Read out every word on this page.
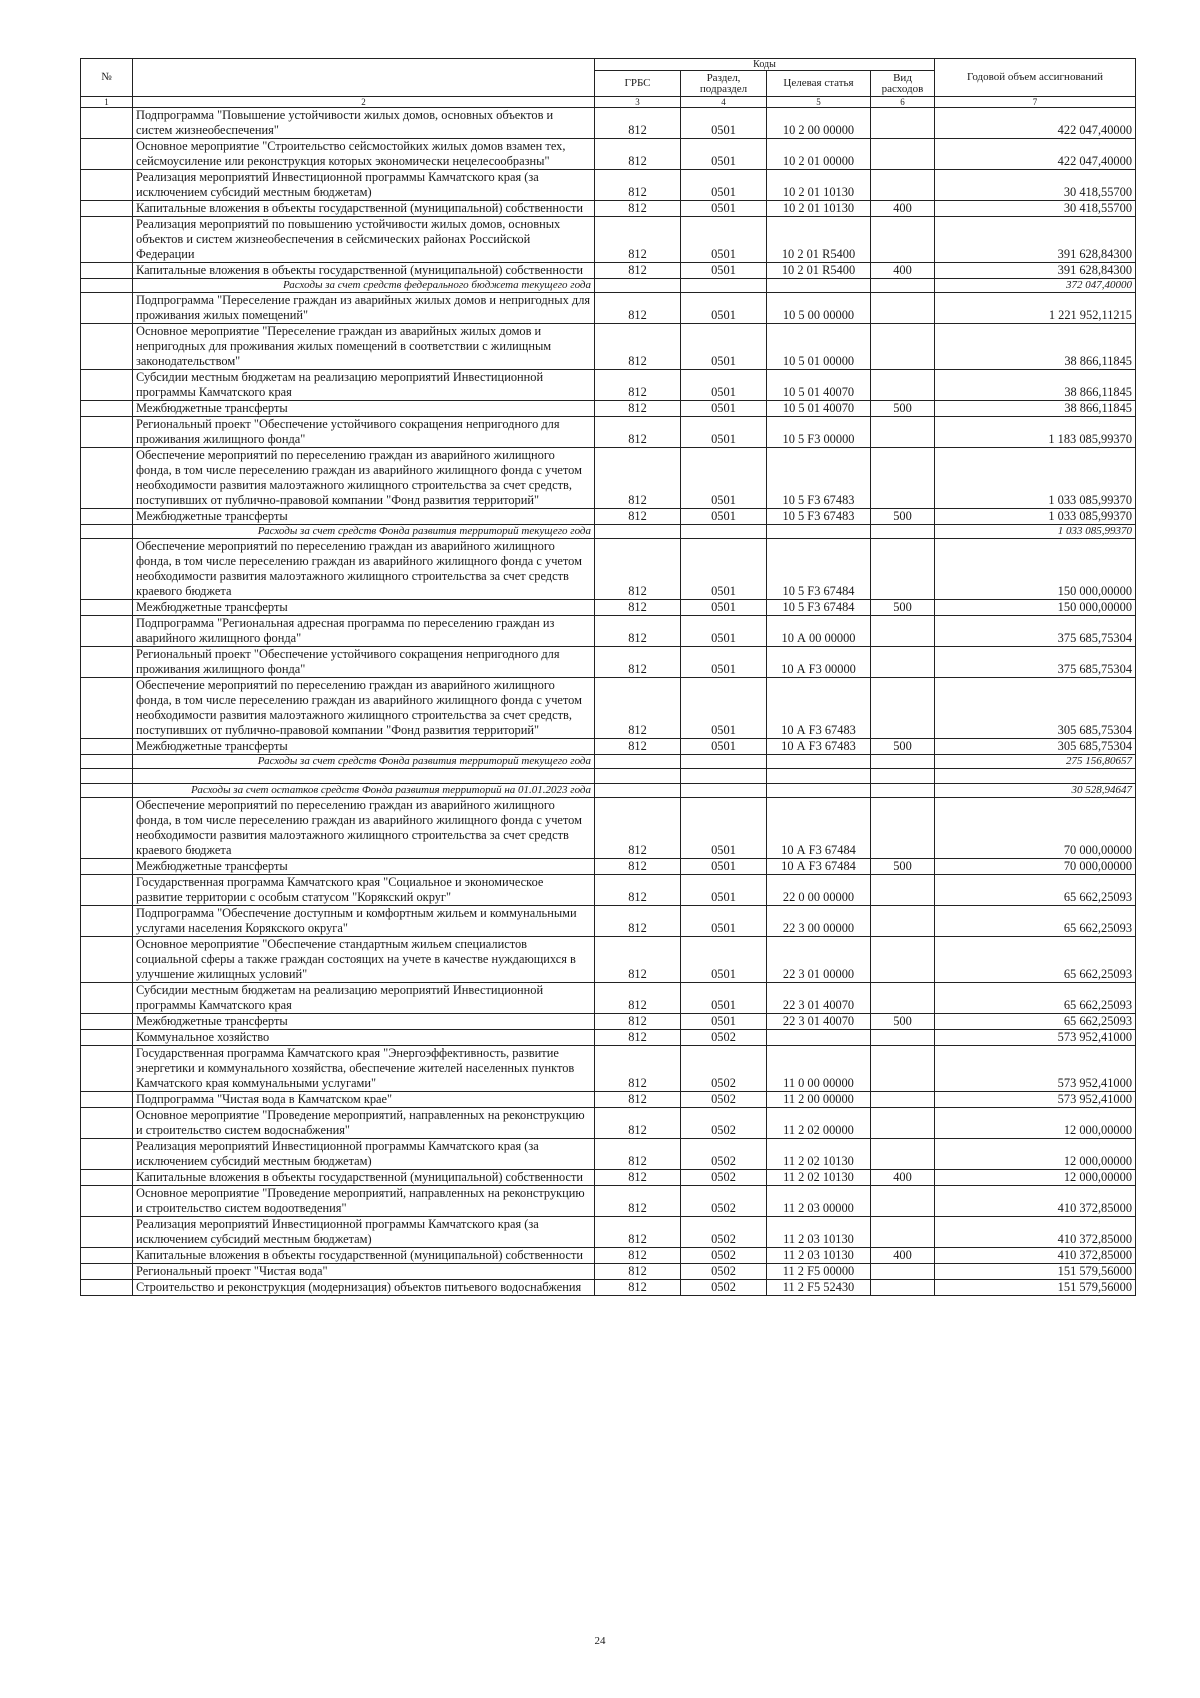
№		Коды				Годовой объем ассигнований
		ГРБС	Раздел, подраздел	Целевая статья	Вид расходов	
1	2	3	4	5	6	7
	Подпрограмма "Повышение устойчивости жилых домов, основных объектов и систем жизнеобеспечения"	812	0501	10 2 00 00000		422 047,40000
	Основное мероприятие "Строительство сейсмостойких жилых домов взамен тех, сейсмоусиление или реконструкция которых экономически нецелесообразны"	812	0501	10 2 01 00000		422 047,40000
	Реализация мероприятий Инвестиционной программы Камчатского края (за исключением субсидий местным бюджетам)	812	0501	10 2 01 10130		30 418,55700
	Капитальные вложения в объекты государственной (муниципальной) собственности	812	0501	10 2 01 10130	400	30 418,55700
	Реализация мероприятий по повышению устойчивости жилых домов, основных объектов и систем жизнеобеспечения в сейсмических районах Российской Федерации	812	0501	10 2 01 R5400		391 628,84300
	Капитальные вложения в объекты государственной (муниципальной) собственности	812	0501	10 2 01 R5400	400	391 628,84300
	Расходы за счет средств федерального бюджета текущего года					372 047,40000
	Подпрограмма "Переселение граждан из аварийных жилых домов и непригодных для проживания жилых помещений"	812	0501	10 5 00 00000		1 221 952,11215
	Основное мероприятие "Переселение граждан из аварийных жилых домов и непригодных для проживания жилых помещений в соответствии с жилищным законодательством"	812	0501	10 5 01 00000		38 866,11845
	Субсидии местным бюджетам на реализацию мероприятий Инвестиционной программы Камчатского края	812	0501	10 5 01 40070		38 866,11845
	Межбюджетные трансферты	812	0501	10 5 01 40070	500	38 866,11845
	Региональный проект "Обеспечение устойчивого сокращения непригодного для проживания жилищного фонда"	812	0501	10 5 F3 00000		1 183 085,99370
	Обеспечение мероприятий по переселению граждан из аварийного жилищного фонда, в том числе переселению граждан из аварийного жилищного фонда с учетом необходимости развития малоэтажного жилищного строительства за счет средств, поступивших от публично-правовой компании "Фонд развития территорий"	812	0501	10 5 F3 67483		1 033 085,99370
	Межбюджетные трансферты	812	0501	10 5 F3 67483	500	1 033 085,99370
	Расходы за счет средств Фонда развития территорий текущего года					1 033 085,99370
	Обеспечение мероприятий по переселению граждан из аварийного жилищного фонда, в том числе переселению граждан из аварийного жилищного фонда с учетом необходимости развития малоэтажного жилищного строительства за счет средств краевого бюджета	812	0501	10 5 F3 67484		150 000,00000
	Межбюджетные трансферты	812	0501	10 5 F3 67484	500	150 000,00000
	Подпрограмма "Региональная адресная программа по переселению граждан из аварийного жилищного фонда"	812	0501	10 А 00 00000		375 685,75304
	Региональный проект "Обеспечение устойчивого сокращения непригодного для проживания жилищного фонда"	812	0501	10 А F3 00000		375 685,75304
	Обеспечение мероприятий по переселению граждан из аварийного жилищного фонда, в том числе переселению граждан из аварийного жилищного фонда с учетом необходимости развития малоэтажного жилищного строительства за счет средств, поступивших от публично-правовой компании "Фонд развития территорий"	812	0501	10 А F3 67483		305 685,75304
	Межбюджетные трансферты	812	0501	10 А F3 67483	500	305 685,75304
	Расходы за счет средств Фонда развития территорий текущего года					275 156,80657

	Расходы за счет остатков средств Фонда развития территорий на 01.01.2023 года					30 528,94647
	Обеспечение мероприятий по переселению граждан из аварийного жилищного фонда, в том числе переселению граждан из аварийного жилищного фонда с учетом необходимости развития малоэтажного жилищного строительства за счет средств краевого бюджета	812	0501	10 А F3 67484		70 000,00000
	Межбюджетные трансферты	812	0501	10 А F3 67484	500	70 000,00000
	Государственная программа Камчатского края "Социальное и экономическое развитие территории с особым статусом "Корякский округ"	812	0501	22 0 00 00000		65 662,25093
	Подпрограмма "Обеспечение доступным и комфортным жильем и коммунальными услугами населения Корякского округа"	812	0501	22 3 00 00000		65 662,25093
	Основное мероприятие "Обеспечение стандартным жильем специалистов социальной сферы а также граждан состоящих на учете в качестве нуждающихся в улучшение жилищных условий"	812	0501	22 3 01 00000		65 662,25093
	Субсидии местным бюджетам на реализацию мероприятий Инвестиционной программы Камчатского края	812	0501	22 3 01 40070		65 662,25093
	Межбюджетные трансферты	812	0501	22 3 01 40070	500	65 662,25093
	Коммунальное хозяйство	812	0502			573 952,41000
	Государственная программа Камчатского края "Энергоэффективность, развитие энергетики и коммунального хозяйства, обеспечение жителей населенных пунктов Камчатского края коммунальными услугами"	812	0502	11 0 00 00000		573 952,41000
	Подпрограмма "Чистая вода в Камчатском крае"	812	0502	11 2 00 00000		573 952,41000
	Основное мероприятие "Проведение мероприятий, направленных на реконструкцию и строительство систем водоснабжения"	812	0502	11 2 02 00000		12 000,00000
	Реализация мероприятий Инвестиционной программы Камчатского края (за исключением субсидий местным бюджетам)	812	0502	11 2 02 10130		12 000,00000
	Капитальные вложения в объекты государственной (муниципальной) собственности	812	0502	11 2 02 10130	400	12 000,00000
	Основное мероприятие "Проведение мероприятий, направленных на реконструкцию и строительство систем водоотведения"	812	0502	11 2 03 00000		410 372,85000
	Реализация мероприятий Инвестиционной программы Камчатского края (за исключением субсидий местным бюджетам)	812	0502	11 2 03 10130		410 372,85000
	Капитальные вложения в объекты государственной (муниципальной) собственности	812	0502	11 2 03 10130	400	410 372,85000
	Региональный проект "Чистая вода"	812	0502	11 2 F5 00000		151 579,56000
	Строительство и реконструкция (модернизация) объектов питьевого водоснабжения	812	0502	11 2 F5 52430		151 579,56000
24
